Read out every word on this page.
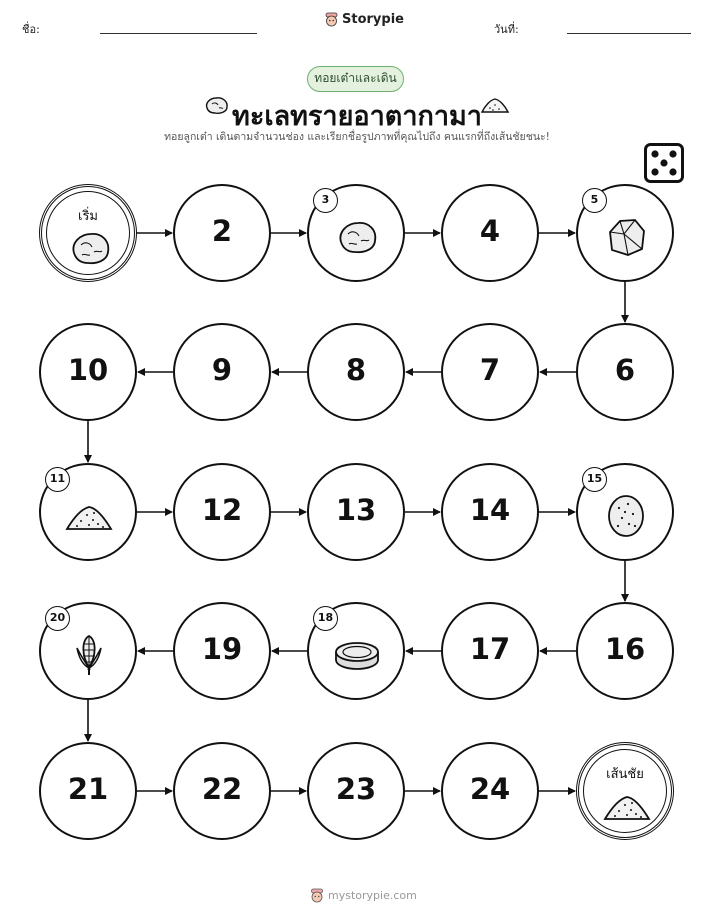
ชื่อ:
Storypie
วันที่:
ทอยเต๋าและเดิน
ทะเลทรายอาตากามา
ทอยลูกเต๋า เดินตามจำนวนช่อง และเรียกชื่อรูปภาพที่คุณไปถึง คนแรกที่ถึงเส้นชัยชนะ!
เริ่ม	2
3
4
5
6
7
8
9
10
11
12	13	14
15
16
17
18
19
20
21	22	23	24	เส้นชัย
mystorypie.com
